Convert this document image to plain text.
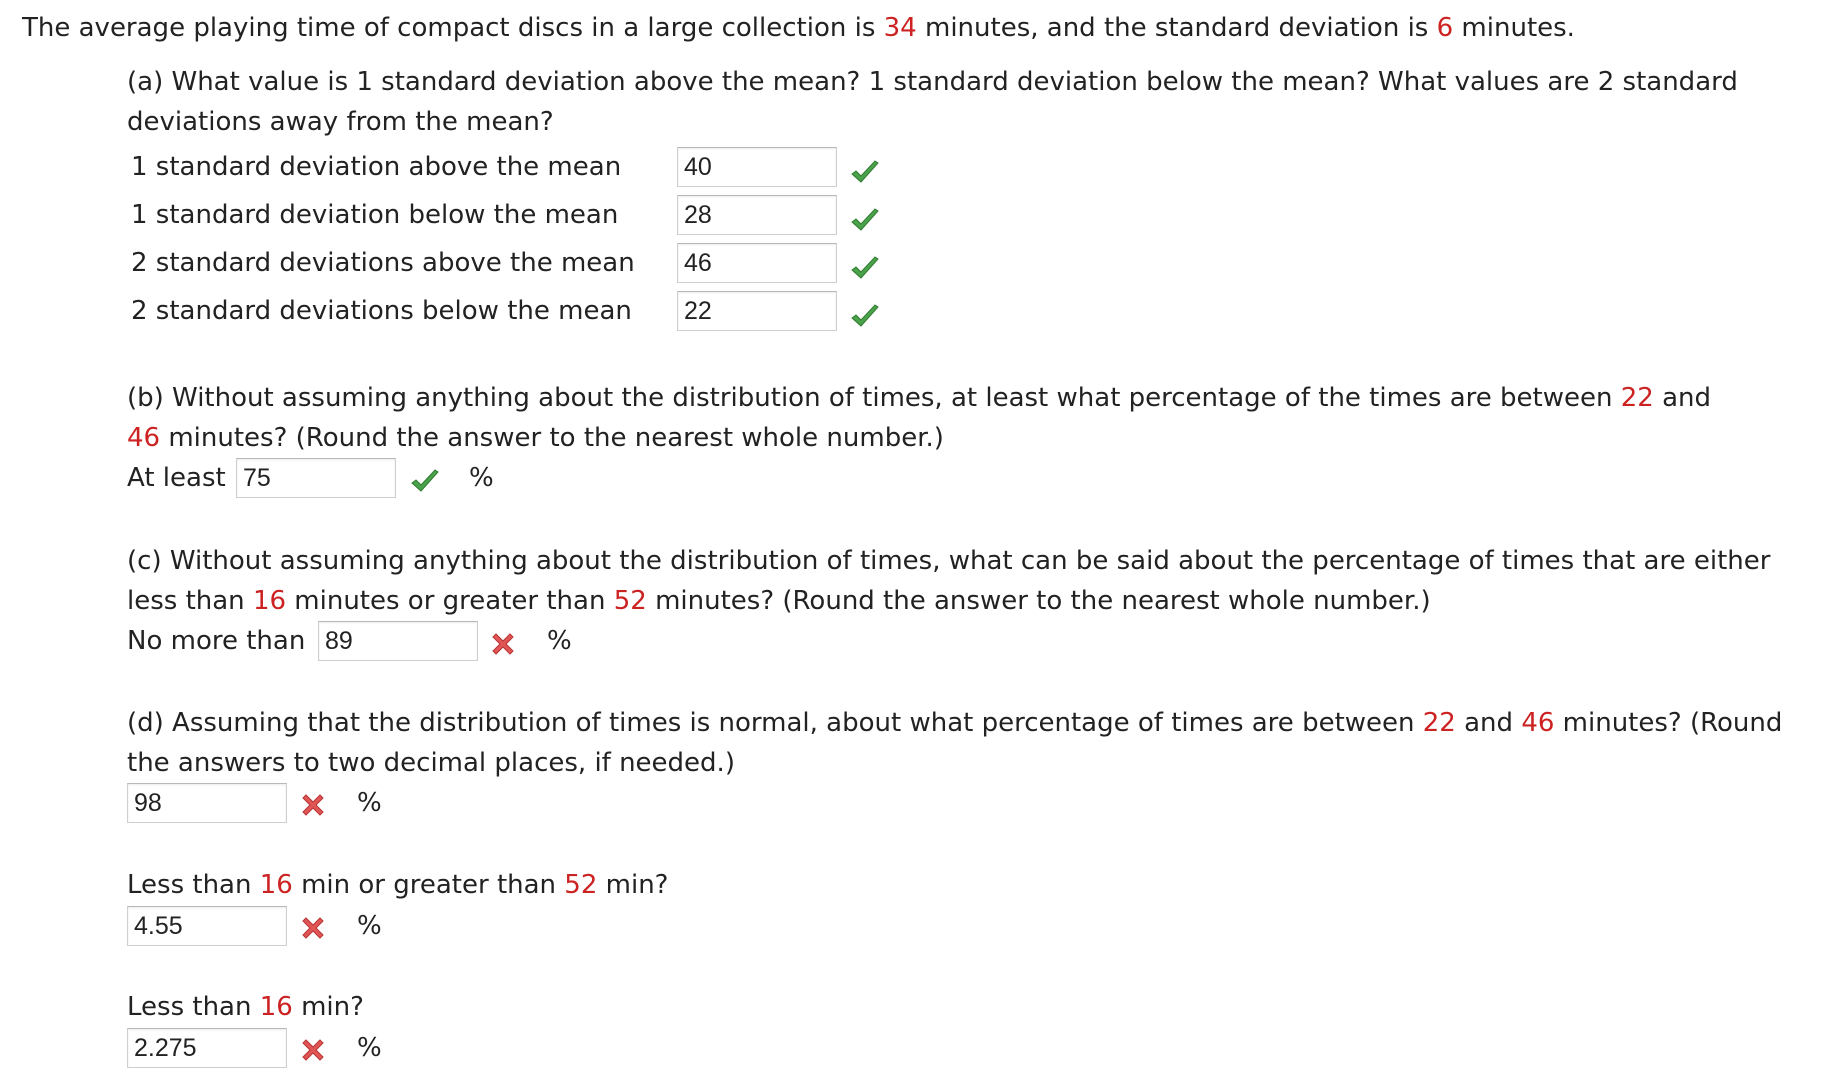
The average playing time of compact discs in a large collection is 34 minutes, and the standard deviation is 6 minutes.
(a) What value is 1 standard deviation above the mean? 1 standard deviation below the mean? What values are 2 standard
deviations away from the mean?
1 standard deviation above the mean	40
1 standard deviation below the mean	28
2 standard deviations above the mean 46
2 standard deviations below the mean 22
(b) Without assuming anything about the distribution of times, at least what percentage of the times are between 22 and
46 minutes? (Round the answer to the nearest whole number.)
At least 75	%
(c) Without assuming anything about the distribution of times, what can be said about the percentage of times that are either
less than 16 minutes or greater than 52 minutes? (Round the answer to the nearest whole number.)
No more than 89	%
(d) Assuming that the distribution of times is normal, about what percentage of times are between 22 and 46 minutes? (Round
the answers to two decimal places, if needed.)
98	%
Less than 16 min or greater than 52 min?
4.55	%
Less than 16 min?
2.275	%
